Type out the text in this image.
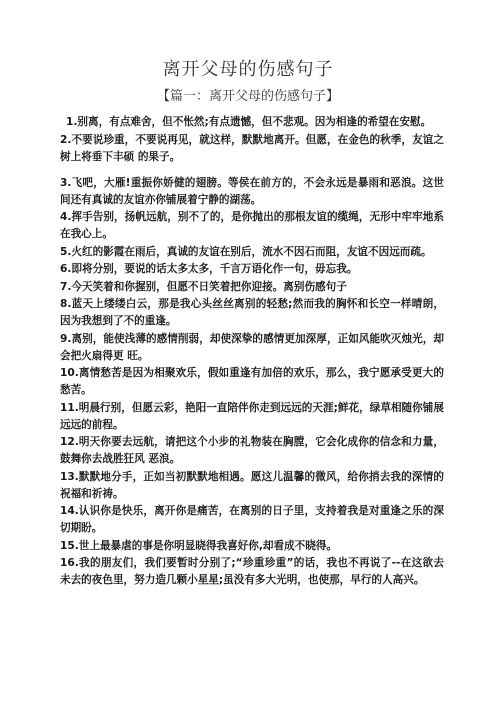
离开父母的伤感句子
【篇一：离开父母的伤感句子】

1.别离，有点难舍，但不怅然;有点遗憾，但不悲观。因为相逢的希望在安慰。

2.不要说珍重，不要说再见，就这样，默默地离开。但愿，在金色的秋季，友谊之树上将垂下丰硕 的果子。

3.飞吧，大雁!重振你娇健的翅膀。等侯在前方的，不会永远是暴雨和恶浪。这世间还有真诚的友谊亦你铺展着宁静的湖荡。

4.挥手告别，扬帆远航，别不了的，是你抛出的那根友谊的缆绳，无形中牢牢地系在我心上。

5.火红的影霞在雨后，真诚的友谊在别后，流水不因石而阻，友谊不因远而疏。

6.即将分别，要说的话太多太多，千言万语化作一句，毋忘我。

7.今天笑着和你握别，但愿不日笑着把你迎接。离别伤感句子

8.蓝天上缕缕白云，那是我心头丝丝离别的轻愁;然而我的胸怀和长空一样晴朗，因为我想到了不的重逢。

9.离别，能使浅薄的感情削弱，却使深挚的感情更加深厚，正如风能吹灭烛光，却会把火扇得更 旺。

10.离情愁苦是因为相聚欢乐，假如重逢有加倍的欢乐，那么，我宁愿承受更大的愁苦。

11.明晨行别，但愿云彩，艳阳一直陪伴你走到远远的天涯;鲜花，绿草相随你铺展远远的前程。

12.明天你要去远航，请把这个小步的礼物装在胸膛，它会化成你的信念和力量，鼓舞你去战胜狂风 恶浪。

13.默默地分手，正如当初默默地相遇。愿这儿温馨的微风，给你捎去我的深情的祝福和祈祷。

14.认识你是快乐，离开你是痛苦，在离别的日子里，支持着我是对重逢之乐的深切期盼。

15.世上最暴虐的事是你明显晓得我喜好你,却看成不晓得。

16.我的朋友们，我们要暂时分别了;“珍重珍重”的话，我也不再说了--在这欲去未去的夜色里，努力造几颗小星星;虽没有多大光明，也使那，早行的人高兴。
